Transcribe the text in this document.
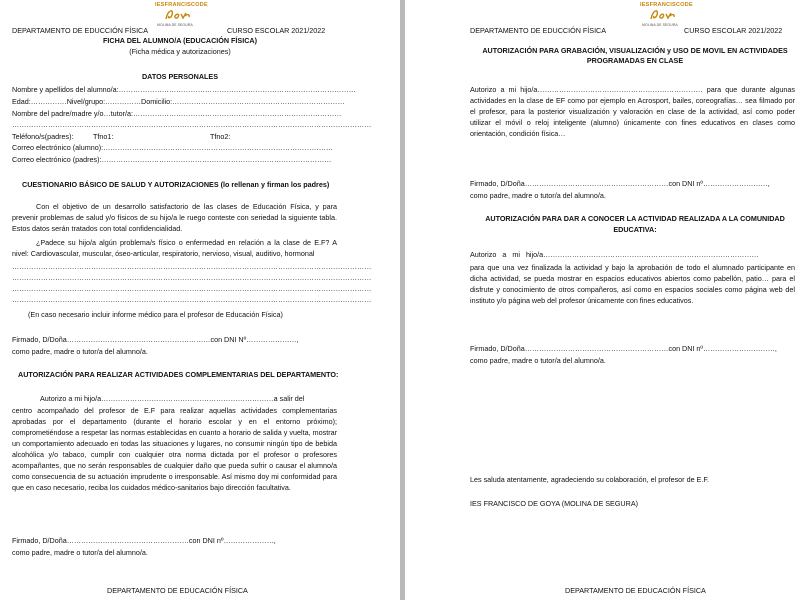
IESFRANCISCODE
MOLINA DE SEGURA
DEPARTAMENTO DE EDUCCIÓN FÍSICA	CURSO ESCOLAR 2021/2022
FICHA DEL ALUMNO/A (EDUCACIÓN FÍSICA)
(Ficha médica y autorizaciones)
DATOS PERSONALES
Nombre y apellidos del alumno/a:………………………………………………………………………………………
Edad:……………Nivel/grupo:……………Domicilio:………………………………………………………………
Nombre del padre/madre y/o…tutor/a:……………………………………………………………………………
……………………………………………………………………………………………………………………………………
Teléfono/s(padres):	Tfno1:	Tfno2:
Correo electrónico (alumno):……………………………………………………………………………………
Correo electrónico (padres):……………………………………………………………………………………
CUESTIONARIO BÁSICO DE SALUD Y AUTORIZACIONES (lo rellenan y firman los padres)
Con el objetivo de un desarrollo satisfactorio de las clases de Educación Física, y para prevenir problemas de salud y/o físicos de su hijo/a le ruego conteste con seriedad la siguiente tabla. Estos datos serán tratados con total confidencialidad.
¿Padece su hijo/a algún problema/s físico o enfermedad en relación a la clase de E.F? A nivel: Cardiovascular, muscular, óseo-articular, respiratorio, nervioso, visual, auditivo, hormonal
……………………………………………………………………………………………………………………………………
……………………………………………………………………………………………………………………………………
……………………………………………………………………………………………………………………………………
……………………………………………………………………………………………………………………………………
(En caso necesario incluir informe médico para el profesor de Educación Física)
Firmado, D/Doña……………………………………………………con DNI Nº…………………,
como padre, madre o tutor/a del alumno/a.
AUTORIZACIÓN PARA REALIZAR ACTIVIDADES COMPLEMENTARIAS DEL DEPARTAMENTO:
Autorizo a mi hijo/a………………………………………………………………a salir del
centro acompañado del profesor de E.F para realizar aquellas actividades complementarias aprobadas por el departamento (durante el horario escolar y en el entorno próximo); comprometiéndose a respetar las normas establecidas en cuanto a horario de salida y vuelta, mostrar un comportamiento adecuado en todas las situaciones y lugares, no consumir ningún tipo de bebida alcohólica y/o tabaco, cumplir con cualquier otra norma dictada por el profesor o profesores acompañantes, que no serán responsables de cualquier daño que pueda sufrir o causar el alumno/a como consecuencia de su actuación imprudente o irresponsable. Así mismo doy mi conformidad para que en caso necesario, reciba los cuidados médico-sanitarios bajo dirección facultativa.
Firmado, D/Doña……………………………………………con DNI nº…………………,
como padre, madre o tutor/a del alumno/a.
DEPARTAMENTO DE EDUCACIÓN FÍSICA
IESFRANCISCODE
MOLINA DE SEGURA
DEPARTAMENTO DE EDUCCIÓN FÍSICA	CURSO ESCOLAR 2021/2022
AUTORIZACIÓN PARA GRABACIÓN, VISUALIZACIÓN y USO DE MOVIL EN ACTIVIDADES
PROGRAMADAS EN CLASE
Autorizo a mi hijo/a…………………………………………………………… para que durante algunas actividades en la clase de EF como por ejemplo en Acrosport, bailes, coreografías… sea filmado por el profesor, para la posterior visualización y valoración en clase de la actividad, así como poder utilizar el móvil o reloj inteligente (alumno) únicamente con fines educativos en clases como orientación, condición física…
Firmado, D/Doña……………………………………………………con DNI nº………………………,
como padre, madre o tutor/a del alumno/a.
AUTORIZACIÓN PARA DAR A CONOCER LA ACTIVIDAD REALIZADA A LA COMUNIDAD
EDUCATIVA:
Autorizo a mi hijo/a………………………………………………………………………………
para que una vez finalizada la actividad y bajo la aprobación de todo el alumnado participante en dicha actividad, se pueda mostrar en espacios educativos abiertos como pabellón, patio… para el disfrute y conocimiento de otros compañeros, así como en espacios sociales como página web del instituto y/o página web del profesor únicamente con fines educativos.
Firmado, D/Doña……………………………………………………con DNI nº…………………………,
como padre, madre o tutor/a del alumno/a.
Les saluda atentamente, agradeciendo su colaboración, el profesor de E.F.
IES FRANCISCO DE GOYA (MOLINA DE SEGURA)
DEPARTAMENTO DE EDUCACIÓN FÍSICA
